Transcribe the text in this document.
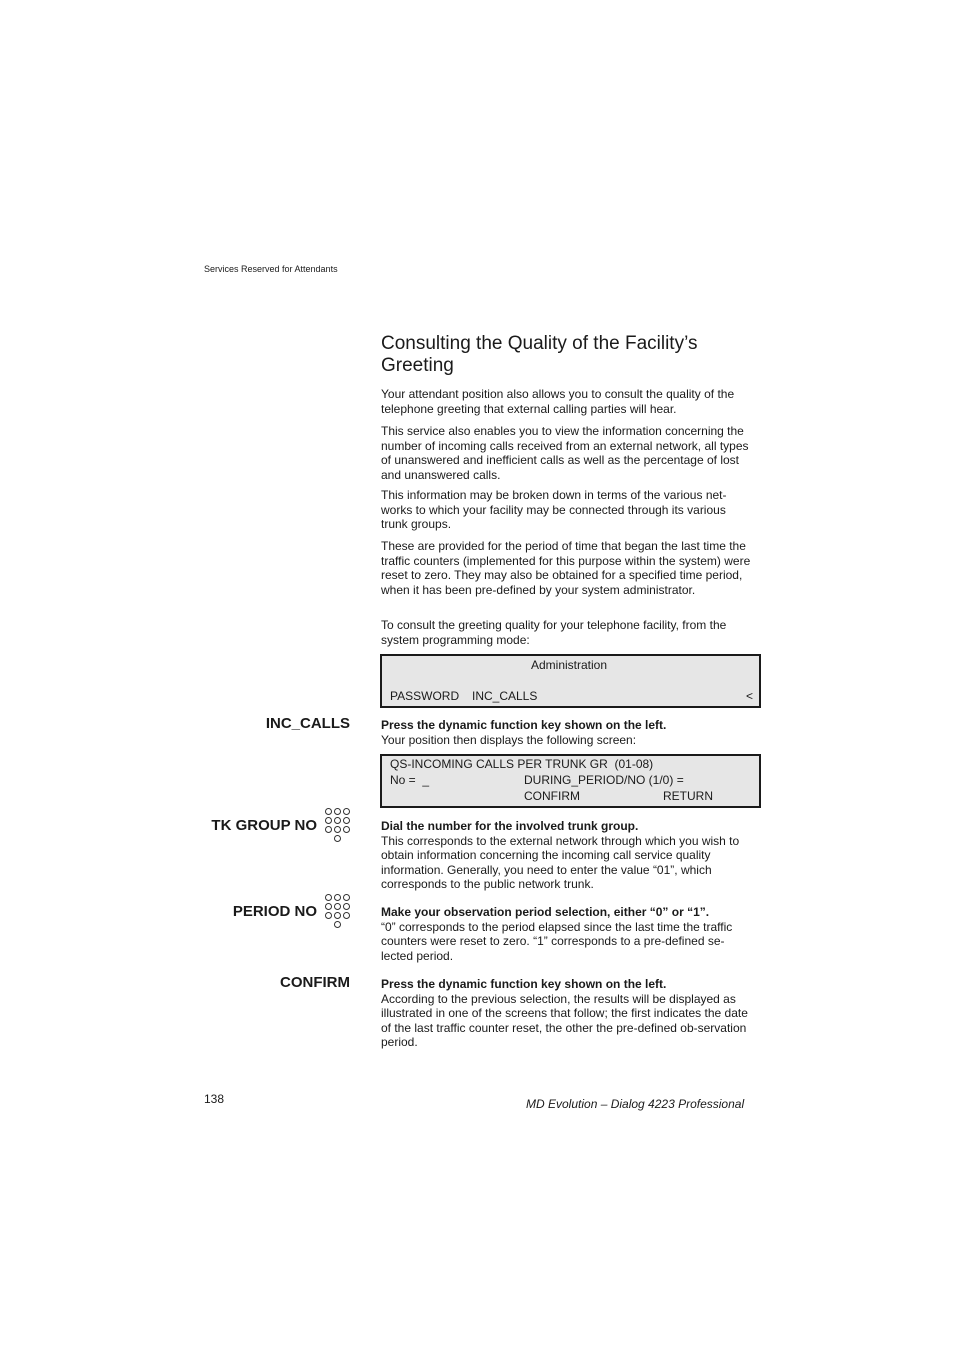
Services Reserved for Attendants
Consulting the Quality of the Facility’s Greeting

Your attendant position also allows you to consult the quality of the telephone greeting that external calling parties will hear.

This service also enables you to view the information concerning the number of incoming calls received from an external network, all types of unanswered and inefficient calls as well as the percentage of lost and unanswered calls.

This information may be broken down in terms of the various net-works to which your facility may be connected through its various trunk groups.

These are provided for the period of time that began the last time the traffic counters (implemented for this purpose within the system) were reset to zero. They may also be obtained for a specified time period, when it has been pre-defined by your system administrator.

To consult the greeting quality for your telephone facility, from the system programming mode:

Administration
PASSWORD INC_CALLS	<
INC_CALLS	Press the dynamic function key shown on the left.
Your position then displays the following screen:
QS-INCOMING CALLS PER TRUNK GR  (01-08)
No =  _	DURING_PERIOD/NO (1/0) =
CONFIRM	RETURN
TK GROUP NO	Dial the number for the involved trunk group.
This corresponds to the external network through which you wish to obtain information concerning the incoming call service quality information. Generally, you need to enter the value “01”, which corresponds to the public network trunk.
PERIOD NO	Make your observation period selection, either “0” or “1”.
“0” corresponds to the period elapsed since the last time the traffic counters were reset to zero. “1” corresponds to a pre-defined se-lected period.
CONFIRM	Press the dynamic function key shown on the left.
According to the previous selection, the results will be displayed as illustrated in one of the screens that follow; the first indicates the date of the last traffic counter reset, the other the pre-defined ob-servation period.
138	MD Evolution – Dialog 4223 Professional
